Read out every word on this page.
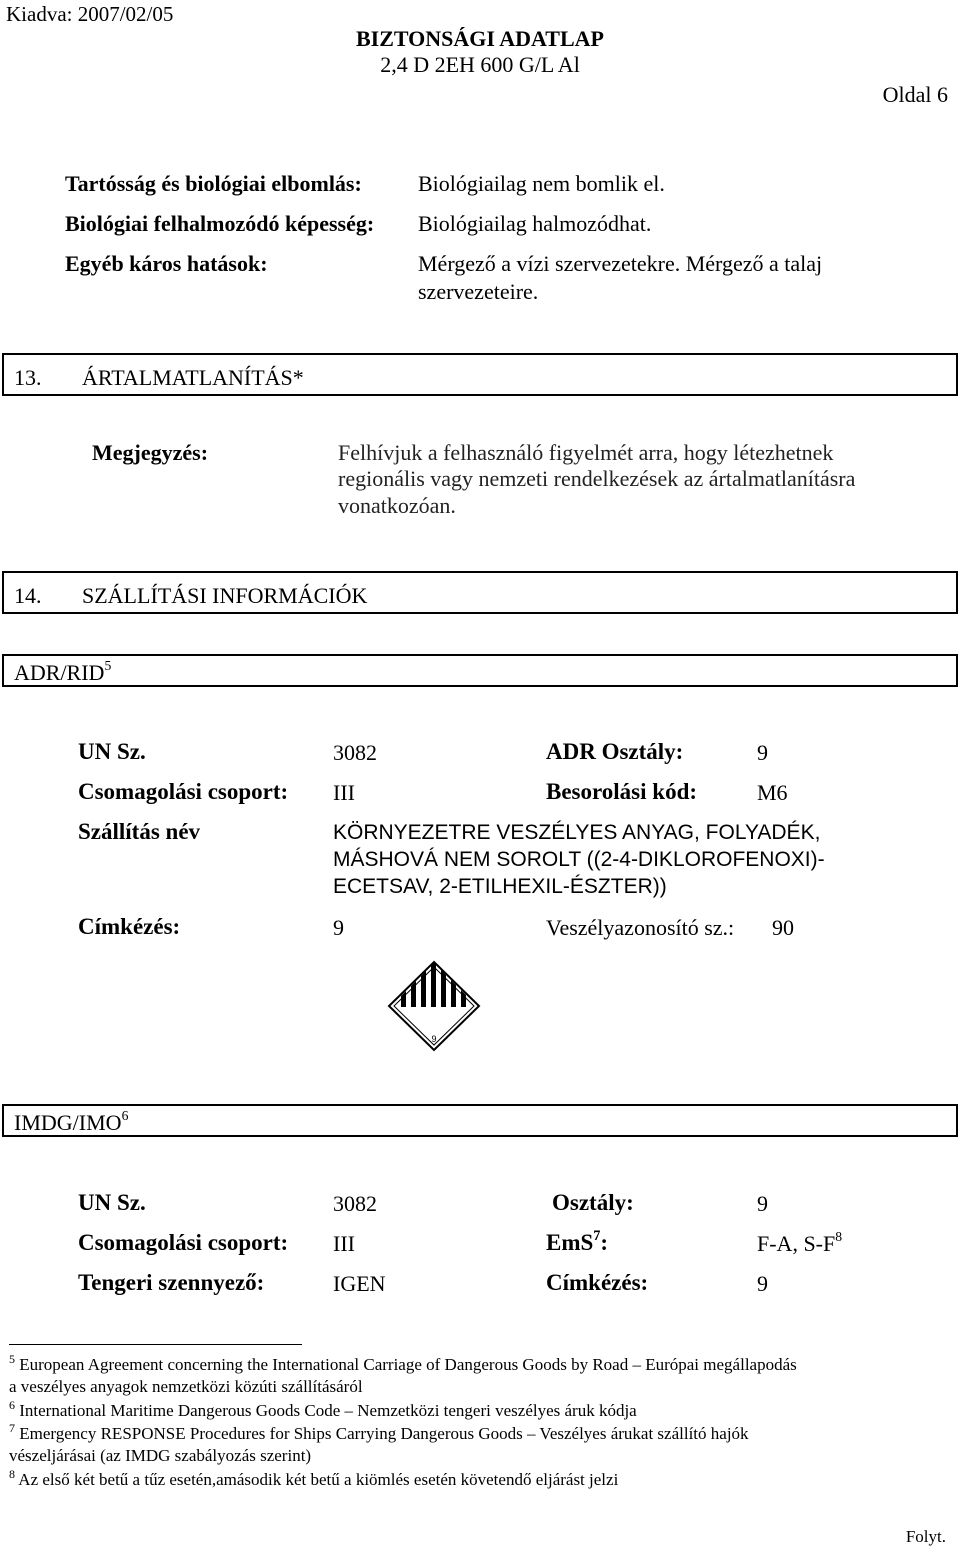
Kiadva: 2007/02/05
BIZTONSÁGI ADATLAP
2,4 D 2EH 600 G/L Al
Oldal 6
Tartósság és biológiai elbomlás:	Biológiailag nem bomlik el.
Biológiai felhalmozódó képesség: Biológiailag halmozódhat.
Egyéb káros hatások:	Mérgező a vízi szervezetekre. Mérgező a talaj
szervezeteire.
13. ÁRTALMATLANÍTÁS*
Megjegyzés:	Felhívjuk a felhasználó figyelmét arra, hogy létezhetnek
regionális vagy nemzeti rendelkezések az ártalmatlanításra
vonatkozóan.
14. SZÁLLÍTÁSI INFORMÁCIÓK
ADR/RID$^5$
UN Sz.	3082	ADR Osztály:	9
Csomagolási csoport: III	Besorolási kód:	M6
Szállítás név	KÖRNYEZETRE VESZÉLYES ANYAG, FOLYADÉK,
MÁSHOVÁ NEM SOROLT ((2-4-DIKLOROFENOXI)-
ECETSAV, 2-ETILHEXIL-ÉSZTER))
Címkézés:	9	Veszélyazonosító sz.: 90
9
IMDG/IMO$^6$
UN Sz.	3082	Osztály:	9
Csomagolási csoport: III	EmS$^7$:	F-A, $S-F^8$
Tengeri szennyező:	IGEN	Címkézés:	9
$^5$ European Agreement concerning the International Carriage of Dangerous Goods by Road – Európai megállapodás
a veszélyes anyagok nemzetközi közúti szállításáról
$^6$ International Maritime Dangerous Goods Code – Nemzetközi tengeri veszélyes áruk kódja
$^7$ Emergency RESPONSE Procedures for Ships Carrying Dangerous Goods – Veszélyes árukat szállító hajók
vészeljárásai (az IMDG szabályozás szerint)
$^8$ Az első két betű a tűz esetén,amásodik két betű a kiömlés esetén követendő eljárást jelzi
Folyt.
